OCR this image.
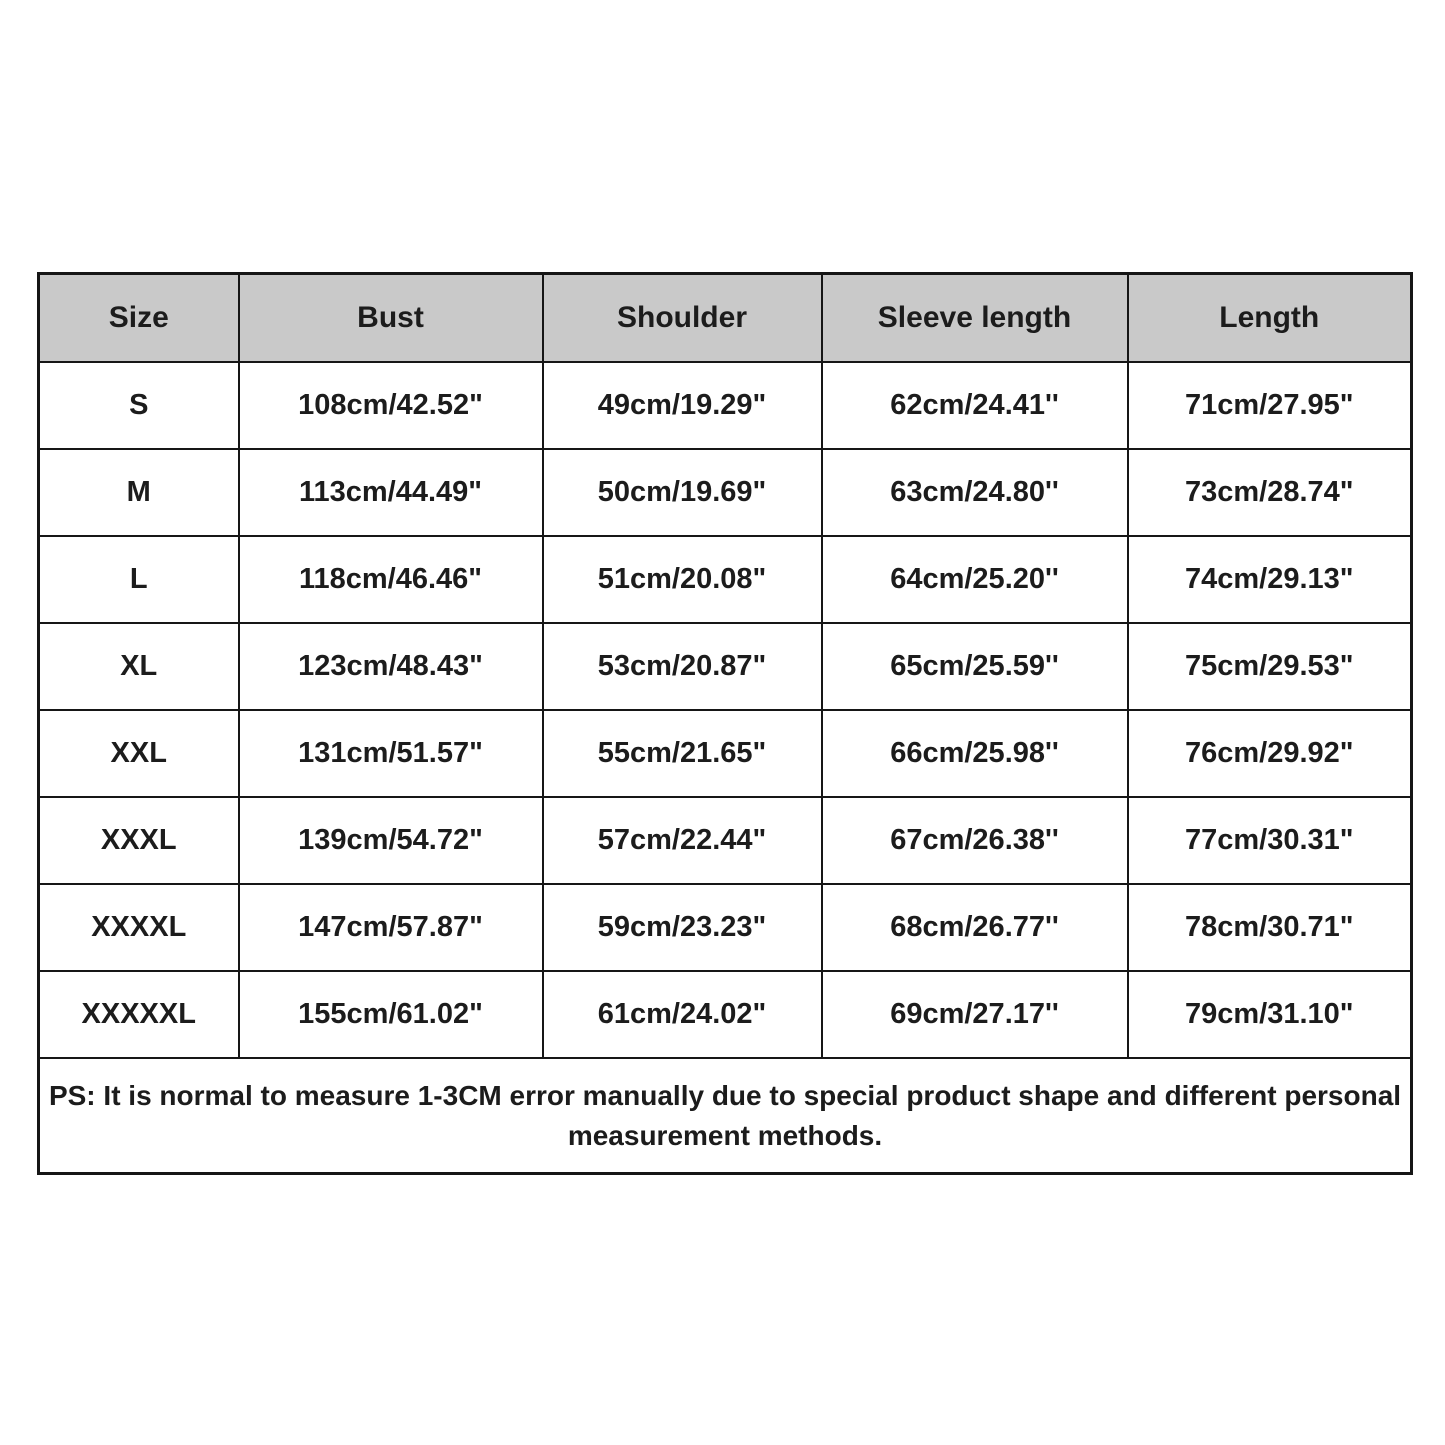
Size	Bust	Shoulder	Sleeve length	Length
S	108cm/42.52"	49cm/19.29"	62cm/24.41''	71cm/27.95"
M	113cm/44.49"	50cm/19.69"	63cm/24.80''	73cm/28.74"
L	118cm/46.46"	51cm/20.08"	64cm/25.20''	74cm/29.13"
XL	123cm/48.43"	53cm/20.87"	65cm/25.59''	75cm/29.53"
XXL	131cm/51.57"	55cm/21.65"	66cm/25.98''	76cm/29.92"
XXXL	139cm/54.72"	57cm/22.44"	67cm/26.38''	77cm/30.31"
XXXXL	147cm/57.87"	59cm/23.23"	68cm/26.77''	78cm/30.71"
XXXXXL	155cm/61.02"	61cm/24.02"	69cm/27.17''	79cm/31.10"
PS: It is normal to measure 1-3CM error manually due to special product shape and different personal measurement methods.				
